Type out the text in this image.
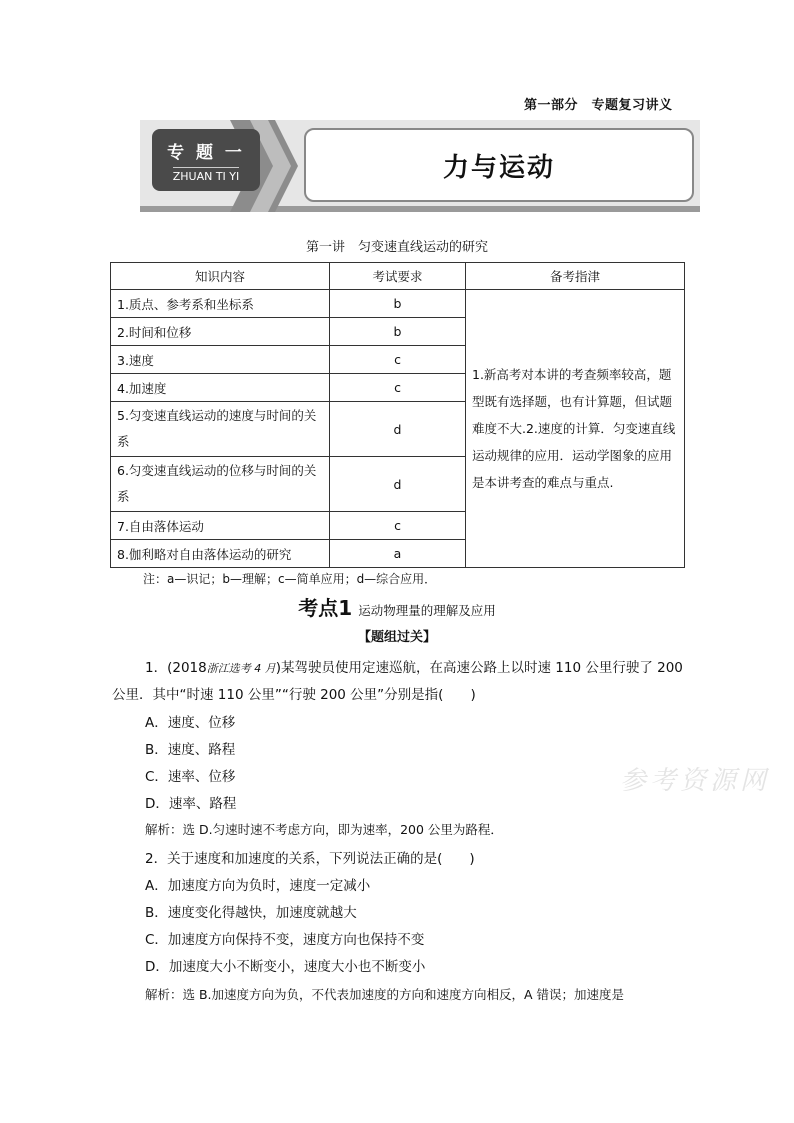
第一部分　专题复习讲义
专 题 一
ZHUAN TI YI	力与运动
第一讲　匀变速直线运动的研究
知识内容	考试要求	备考指津
1.质点、参考系和坐标系	b	1.新高考对本讲的考查频率较高，题型既有选择题，也有计算题，但试题难度不大.2.速度的计算．匀变速直线运动规律的应用．运动学图象的应用是本讲考查的难点与重点.
2.时间和位移	b	
3.速度	c	
4.加速度	c	
5.匀变速直线运动的速度与时间的关系	d	
6.匀变速直线运动的位移与时间的关系	d	
7.自由落体运动	c	
8.伽利略对自由落体运动的研究	a	
注：a—识记；b—理解；c—简单应用；d—综合应用．
考点1 运动物理量的理解及应用
【题组过关】
1．(2018浙江选考 4 月)某驾驶员使用定速巡航，在高速公路上以时速 110 公里行驶了 200
公里．其中“时速 110 公里”“行驶 200 公里”分别是指(　　)
A．速度、位移
B．速度、路程
C．速率、位移
D．速率、路程
解析：选 D.匀速时速不考虑方向，即为速率，200 公里为路程．
2．关于速度和加速度的关系，下列说法正确的是(　　)
A．加速度方向为负时，速度一定减小
B．速度变化得越快，加速度就越大
C．加速度方向保持不变，速度方向也保持不变
D．加速度大小不断变小，速度大小也不断变小
解析：选 B.加速度方向为负，不代表加速度的方向和速度方向相反，A 错误；加速度是
参考资源网
